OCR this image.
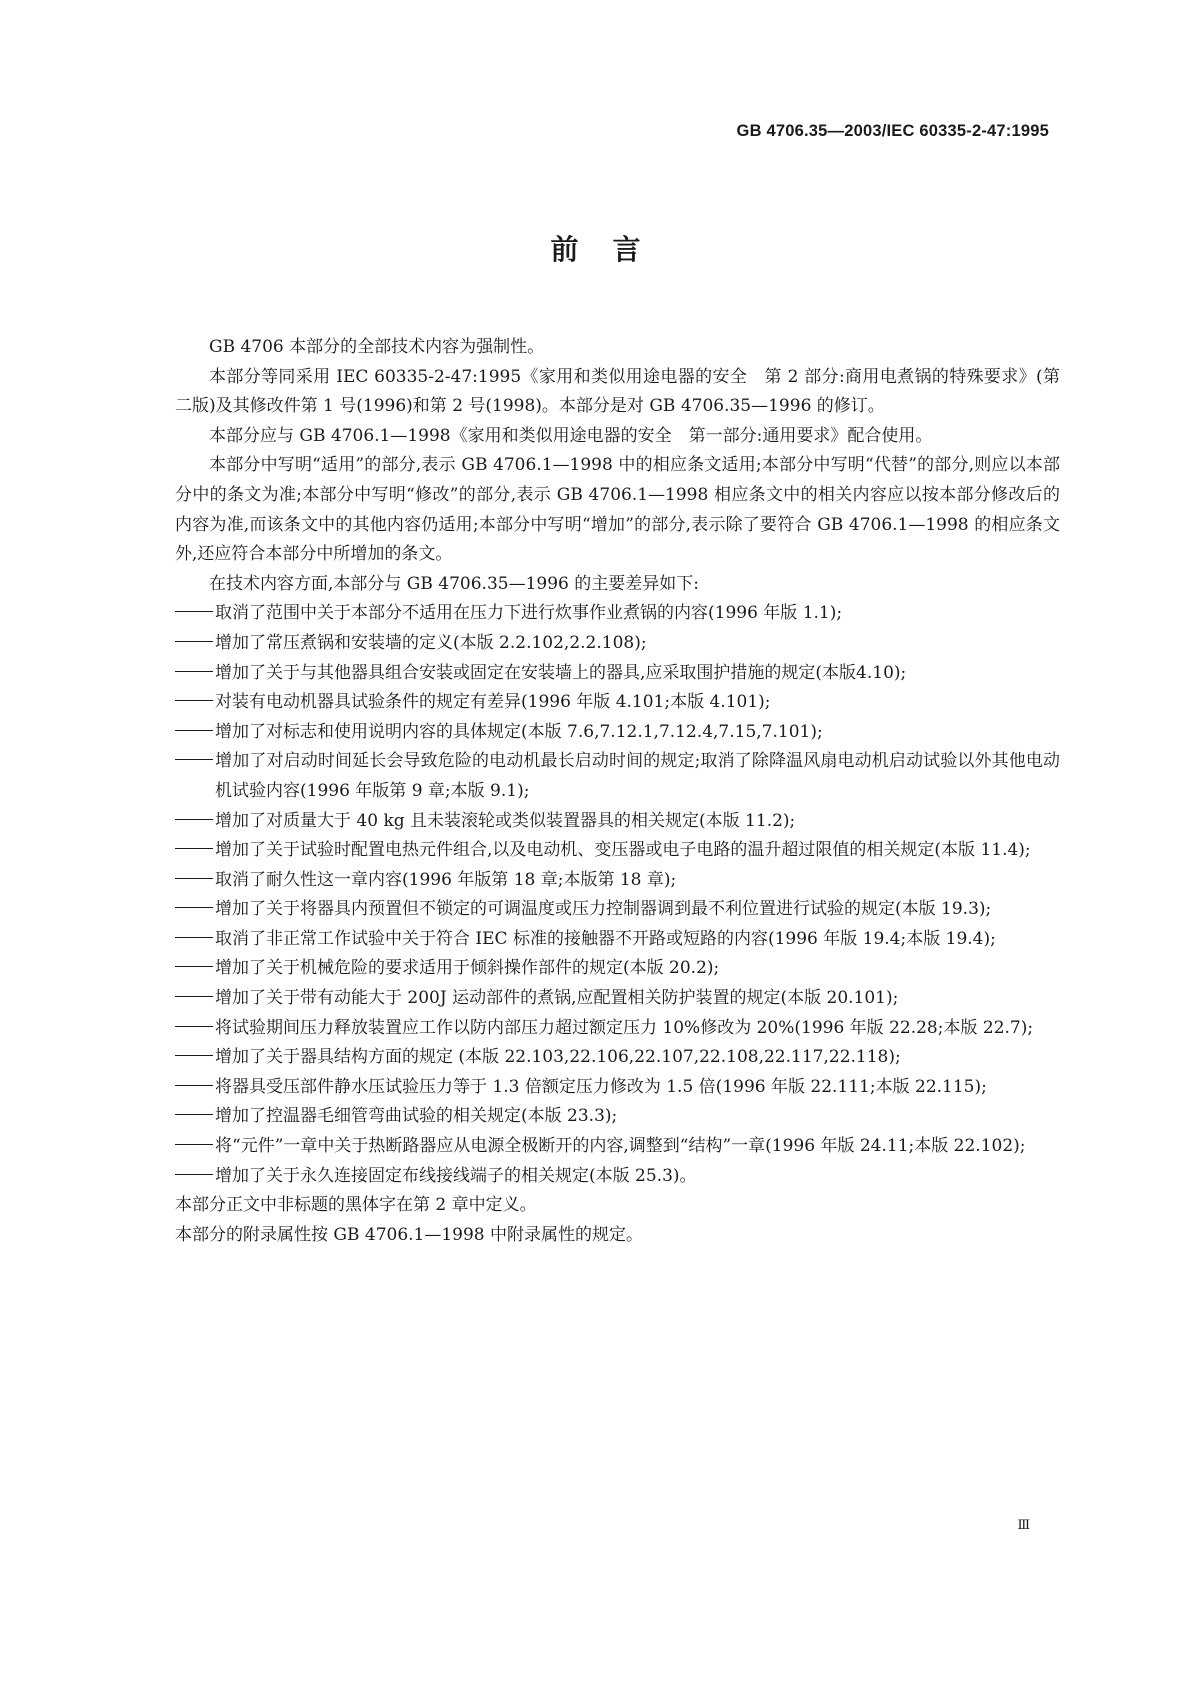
GB 4706.35—2003/IEC 60335-2-47:1995
前言

GB 4706 本部分的全部技术内容为强制性。

本部分等同采用 IEC 60335-2-47:1995《家用和类似用途电器的安全　第 2 部分:商用电煮锅的特殊要求》(第二版)及其修改件第 1 号(1996)和第 2 号(1998)。本部分是对 GB 4706.35—1996 的修订。

本部分应与 GB 4706.1—1998《家用和类似用途电器的安全　第一部分:通用要求》配合使用。

本部分中写明“适用”的部分,表示 GB 4706.1—1998 中的相应条文适用;本部分中写明“代替”的部分,则应以本部分中的条文为准;本部分中写明“修改”的部分,表示 GB 4706.1—1998 相应条文中的相关内容应以按本部分修改后的内容为准,而该条文中的其他内容仍适用;本部分中写明“增加”的部分,表示除了要符合 GB 4706.1—1998 的相应条文外,还应符合本部分中所增加的条文。

在技术内容方面,本部分与 GB 4706.35—1996 的主要差异如下:

取消了范围中关于本部分不适用在压力下进行炊事作业煮锅的内容(1996 年版 1.1);

增加了常压煮锅和安装墙的定义(本版 2.2.102,2.2.108);

增加了关于与其他器具组合安装或固定在安装墙上的器具,应采取围护措施的规定(本版4.10);

对装有电动机器具试验条件的规定有差异(1996 年版 4.101;本版 4.101);

增加了对标志和使用说明内容的具体规定(本版 7.6,7.12.1,7.12.4,7.15,7.101);

增加了对启动时间延长会导致危险的电动机最长启动时间的规定;取消了除降温风扇电动机启动试验以外其他电动机试验内容(1996 年版第 9 章;本版 9.1);

增加了对质量大于 40 kg 且未装滚轮或类似装置器具的相关规定(本版 11.2);

增加了关于试验时配置电热元件组合,以及电动机、变压器或电子电路的温升超过限值的相关规定(本版 11.4);

取消了耐久性这一章内容(1996 年版第 18 章;本版第 18 章);

增加了关于将器具内预置但不锁定的可调温度或压力控制器调到最不利位置进行试验的规定(本版 19.3);

取消了非正常工作试验中关于符合 IEC 标准的接触器不开路或短路的内容(1996 年版 19.4;本版 19.4);

增加了关于机械危险的要求适用于倾斜操作部件的规定(本版 20.2);

增加了关于带有动能大于 200J 运动部件的煮锅,应配置相关防护装置的规定(本版 20.101);

将试验期间压力释放装置应工作以防内部压力超过额定压力 10%修改为 20%(1996 年版 22.28;本版 22.7);

增加了关于器具结构方面的规定 (本版 22.103,22.106,22.107,22.108,22.117,22.118);

将器具受压部件静水压试验压力等于 1.3 倍额定压力修改为 1.5 倍(1996 年版 22.111;本版 22.115);

增加了控温器毛细管弯曲试验的相关规定(本版 23.3);

将“元件”一章中关于热断路器应从电源全极断开的内容,调整到“结构”一章(1996 年版 24.11;本版 22.102);

增加了关于永久连接固定布线接线端子的相关规定(本版 25.3)。

本部分正文中非标题的黑体字在第 2 章中定义。

本部分的附录属性按 GB 4706.1—1998 中附录属性的规定。

Ⅲ
